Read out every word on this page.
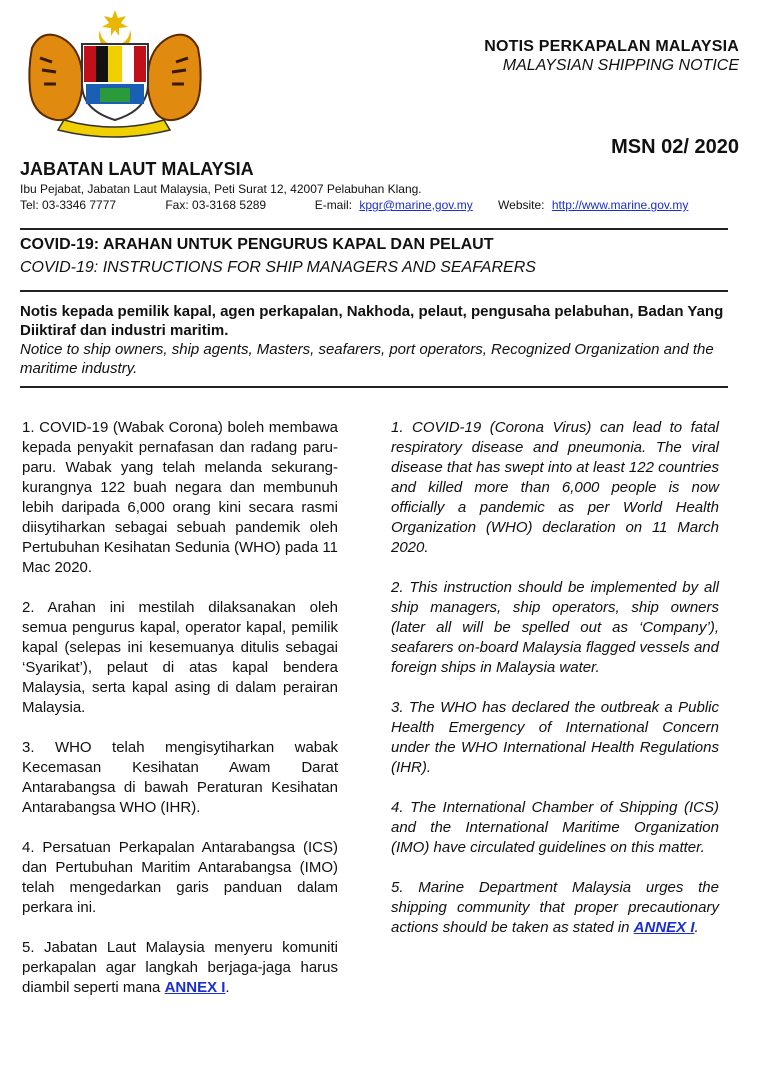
NOTIS PERKAPALAN MALAYSIA
MALAYSIAN SHIPPING NOTICE
MSN 02/ 2020
JABATAN LAUT MALAYSIA
Ibu Pejabat, Jabatan Laut Malaysia, Peti Surat 12, 42007 Pelabuhan Klang.
Tel: 03-3346 7777	Fax: 03-3168 5289	E-mail: kpgr@marine,gov.my Website: http://www.marine.gov.my
COVID-19: ARAHAN UNTUK PENGURUS KAPAL DAN PELAUT
COVID-19: INSTRUCTIONS FOR SHIP MANAGERS AND SEAFARERS
Notis kepada pemilik kapal, agen perkapalan, Nakhoda, pelaut, pengusaha pelabuhan, Badan Yang Diiktiraf dan industri maritim.
Notice to ship owners, ship agents, Masters, seafarers, port operators, Recognized Organization and the maritime industry.

1. COVID-19 (Wabak Corona) boleh membawa kepada penyakit pernafasan dan radang paru-paru. Wabak yang telah melanda sekurang-kurangnya 122 buah negara dan membunuh lebih daripada 6,000 orang kini secara rasmi diisytiharkan sebagai sebuah pandemik oleh Pertubuhan Kesihatan Sedunia (WHO) pada 11 Mac 2020.

2. Arahan ini mestilah dilaksanakan oleh semua pengurus kapal, operator kapal, pemilik kapal (selepas ini kesemuanya ditulis sebagai ‘Syarikat’), pelaut di atas kapal bendera Malaysia, serta kapal asing di dalam perairan Malaysia.

3. WHO telah mengisytiharkan wabak Kecemasan Kesihatan Awam Darat Antarabangsa di bawah Peraturan Kesihatan Antarabangsa WHO (IHR).

4. Persatuan Perkapalan Antarabangsa (ICS) dan Pertubuhan Maritim Antarabangsa (IMO) telah mengedarkan garis panduan dalam perkara ini.

5. Jabatan Laut Malaysia menyeru komuniti perkapalan agar langkah berjaga-jaga harus diambil seperti mana ANNEX I.

1. COVID-19 (Corona Virus) can lead to fatal respiratory disease and pneumonia. The viral disease that has swept into at least 122 countries and killed more than 6,000 people is now officially a pandemic as per World Health Organization (WHO) declaration on 11 March 2020.

2. This instruction should be implemented by all ship managers, ship operators, ship owners (later all will be spelled out as ‘Company’), seafarers on-board Malaysia flagged vessels and foreign ships in Malaysia water.

3. The WHO has declared the outbreak a Public Health Emergency of International Concern under the WHO International Health Regulations (IHR).

4. The International Chamber of Shipping (ICS) and the International Maritime Organization (IMO) have circulated guidelines on this matter.

5. Marine Department Malaysia urges the shipping community that proper precautionary actions should be taken as stated in ANNEX I.
